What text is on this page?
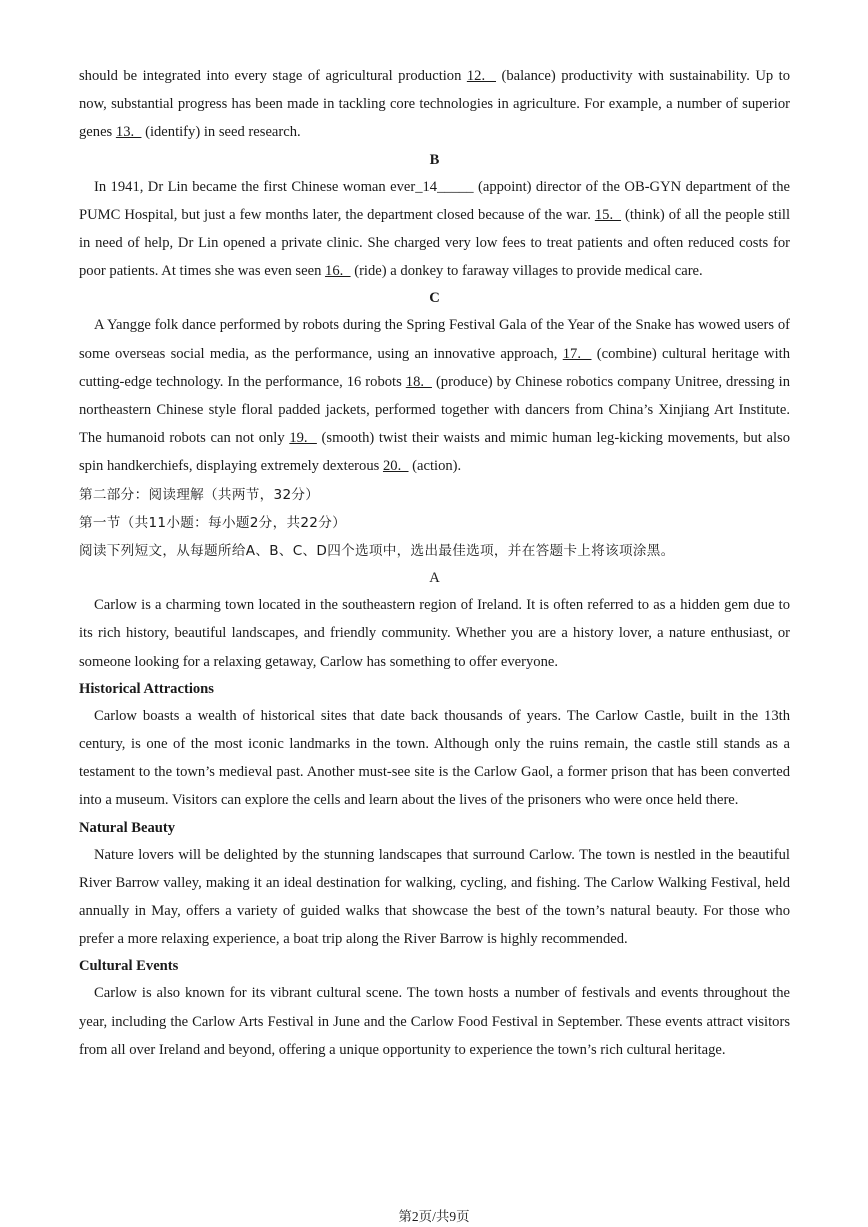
should be integrated into every stage of agricultural production 12.   (balance) productivity with sustainability. Up to now, substantial progress has been made in tackling core technologies in agriculture. For example, a number of superior genes 13.   (identify) in seed research.

B

In 1941, Dr Lin became the first Chinese woman ever_14_____ (appoint) director of the OB-GYN department of the PUMC Hospital, but just a few months later, the department closed because of the war. 15.   (think) of all the people still in need of help, Dr Lin opened a private clinic. She charged very low fees to treat patients and often reduced costs for poor patients. At times she was even seen 16.   (ride) a donkey to faraway villages to provide medical care.

C

A Yangge folk dance performed by robots during the Spring Festival Gala of the Year of the Snake has wowed users of some overseas social media, as the performance, using an innovative approach, 17.   (combine) cultural heritage with cutting-edge technology. In the performance, 16 robots 18.   (produce) by Chinese robotics company Unitree, dressing in northeastern Chinese style floral padded jackets, performed together with dancers from China’s Xinjiang Art Institute. The humanoid robots can not only 19.   (smooth) twist their waists and mimic human leg-kicking movements, but also spin handkerchiefs, displaying extremely dexterous 20.   (action).

第二部分：阅读理解（共两节，32分）

第一节（共11小题：每小题2分，共22分）

阅读下列短文，从每题所给A、B、C、D四个选项中，选出最佳选项，并在答题卡上将该项涂黑。

A

Carlow is a charming town located in the southeastern region of Ireland. It is often referred to as a hidden gem due to its rich history, beautiful landscapes, and friendly community. Whether you are a history lover, a nature enthusiast, or someone looking for a relaxing getaway, Carlow has something to offer everyone.

Historical Attractions

Carlow boasts a wealth of historical sites that date back thousands of years. The Carlow Castle, built in the 13th century, is one of the most iconic landmarks in the town. Although only the ruins remain, the castle still stands as a testament to the town’s medieval past. Another must-see site is the Carlow Gaol, a former prison that has been converted into a museum. Visitors can explore the cells and learn about the lives of the prisoners who were once held there.

Natural Beauty

Nature lovers will be delighted by the stunning landscapes that surround Carlow. The town is nestled in the beautiful River Barrow valley, making it an ideal destination for walking, cycling, and fishing. The Carlow Walking Festival, held annually in May, offers a variety of guided walks that showcase the best of the town’s natural beauty. For those who prefer a more relaxing experience, a boat trip along the River Barrow is highly recommended.

Cultural Events

Carlow is also known for its vibrant cultural scene. The town hosts a number of festivals and events throughout the year, including the Carlow Arts Festival in June and the Carlow Food Festival in September. These events attract visitors from all over Ireland and beyond, offering a unique opportunity to experience the town’s rich cultural heritage.

第2页/共9页
